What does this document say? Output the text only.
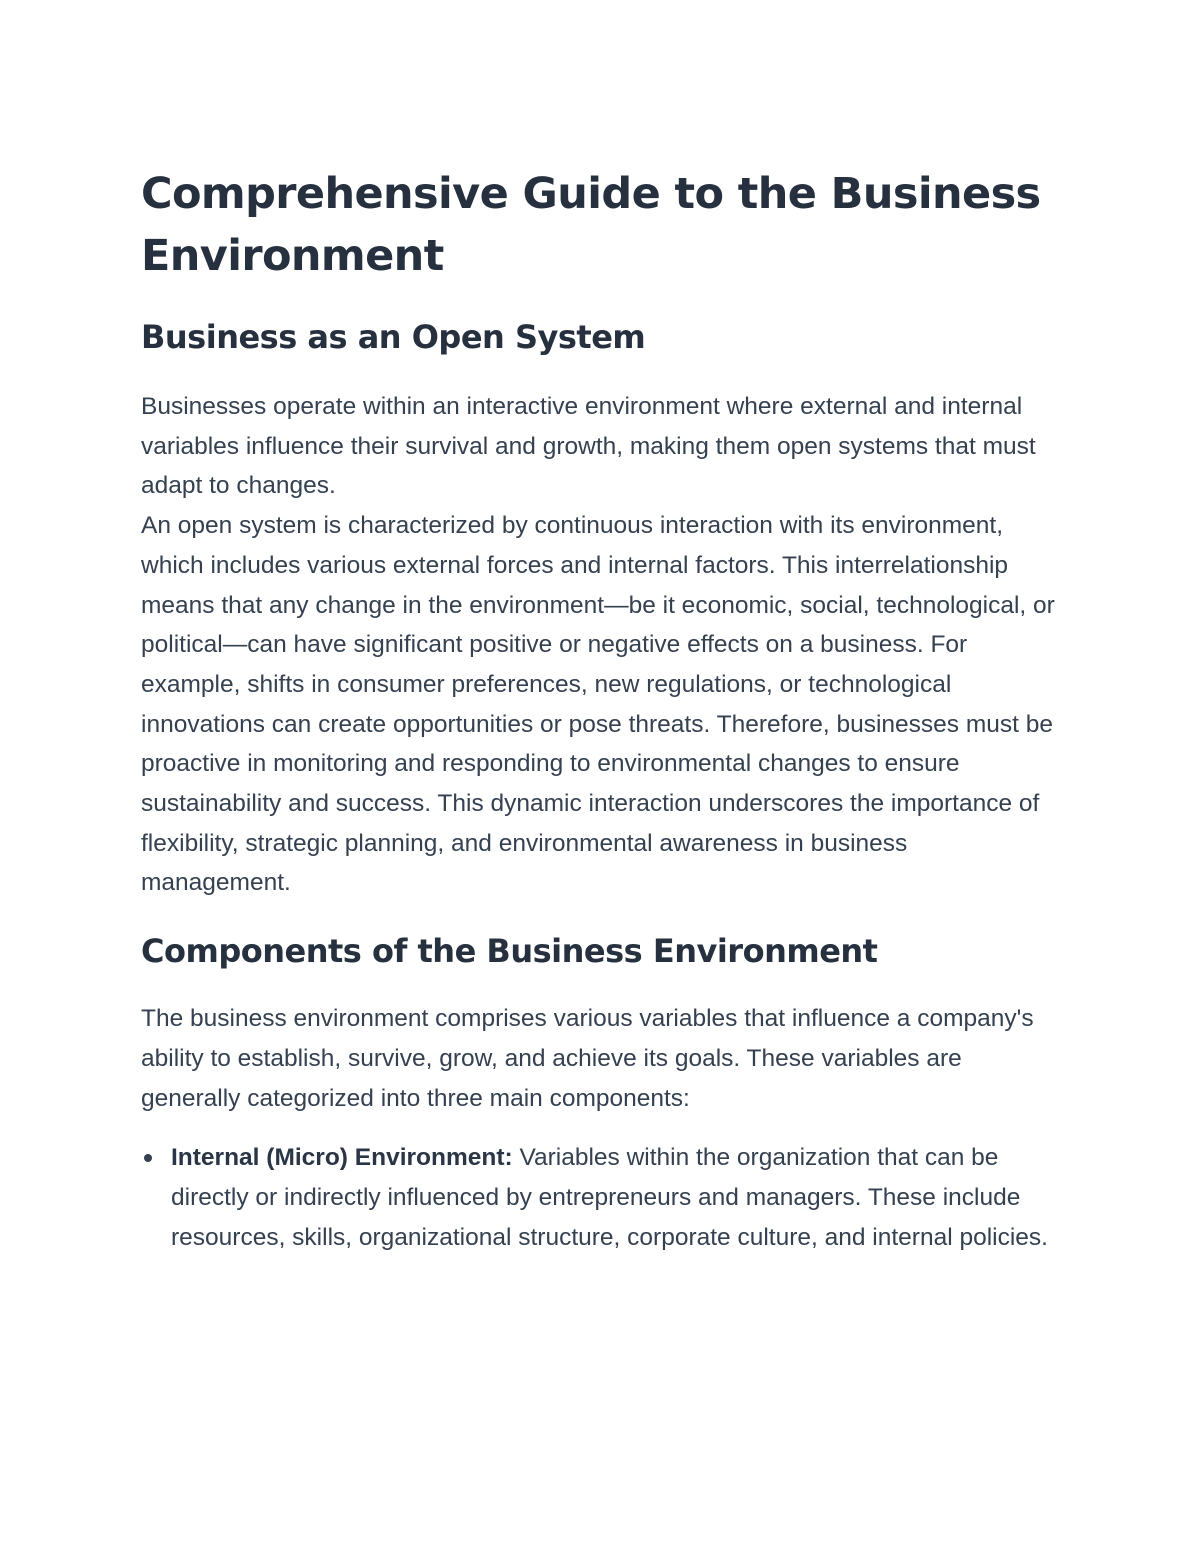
Comprehensive Guide to the Business Environment
Business as an Open System

Businesses operate within an interactive environment where external and internal variables influence their survival and growth, making them open systems that must adapt to changes.

An open system is characterized by continuous interaction with its environment, which includes various external forces and internal factors. This interrelationship means that any change in the environment—be it economic, social, technological, or political—can have significant positive or negative effects on a business. For example, shifts in consumer preferences, new regulations, or technological innovations can create opportunities or pose threats. Therefore, businesses must be proactive in monitoring and responding to environmental changes to ensure sustainability and success. This dynamic interaction underscores the importance of flexibility, strategic planning, and environmental awareness in business management.

Components of the Business Environment

The business environment comprises various variables that influence a company's ability to establish, survive, grow, and achieve its goals. These variables are generally categorized into three main components:

Internal (Micro) Environment: Variables within the organization that can be directly or indirectly influenced by entrepreneurs and managers. These include resources, skills, organizational structure, corporate culture, and internal policies.
